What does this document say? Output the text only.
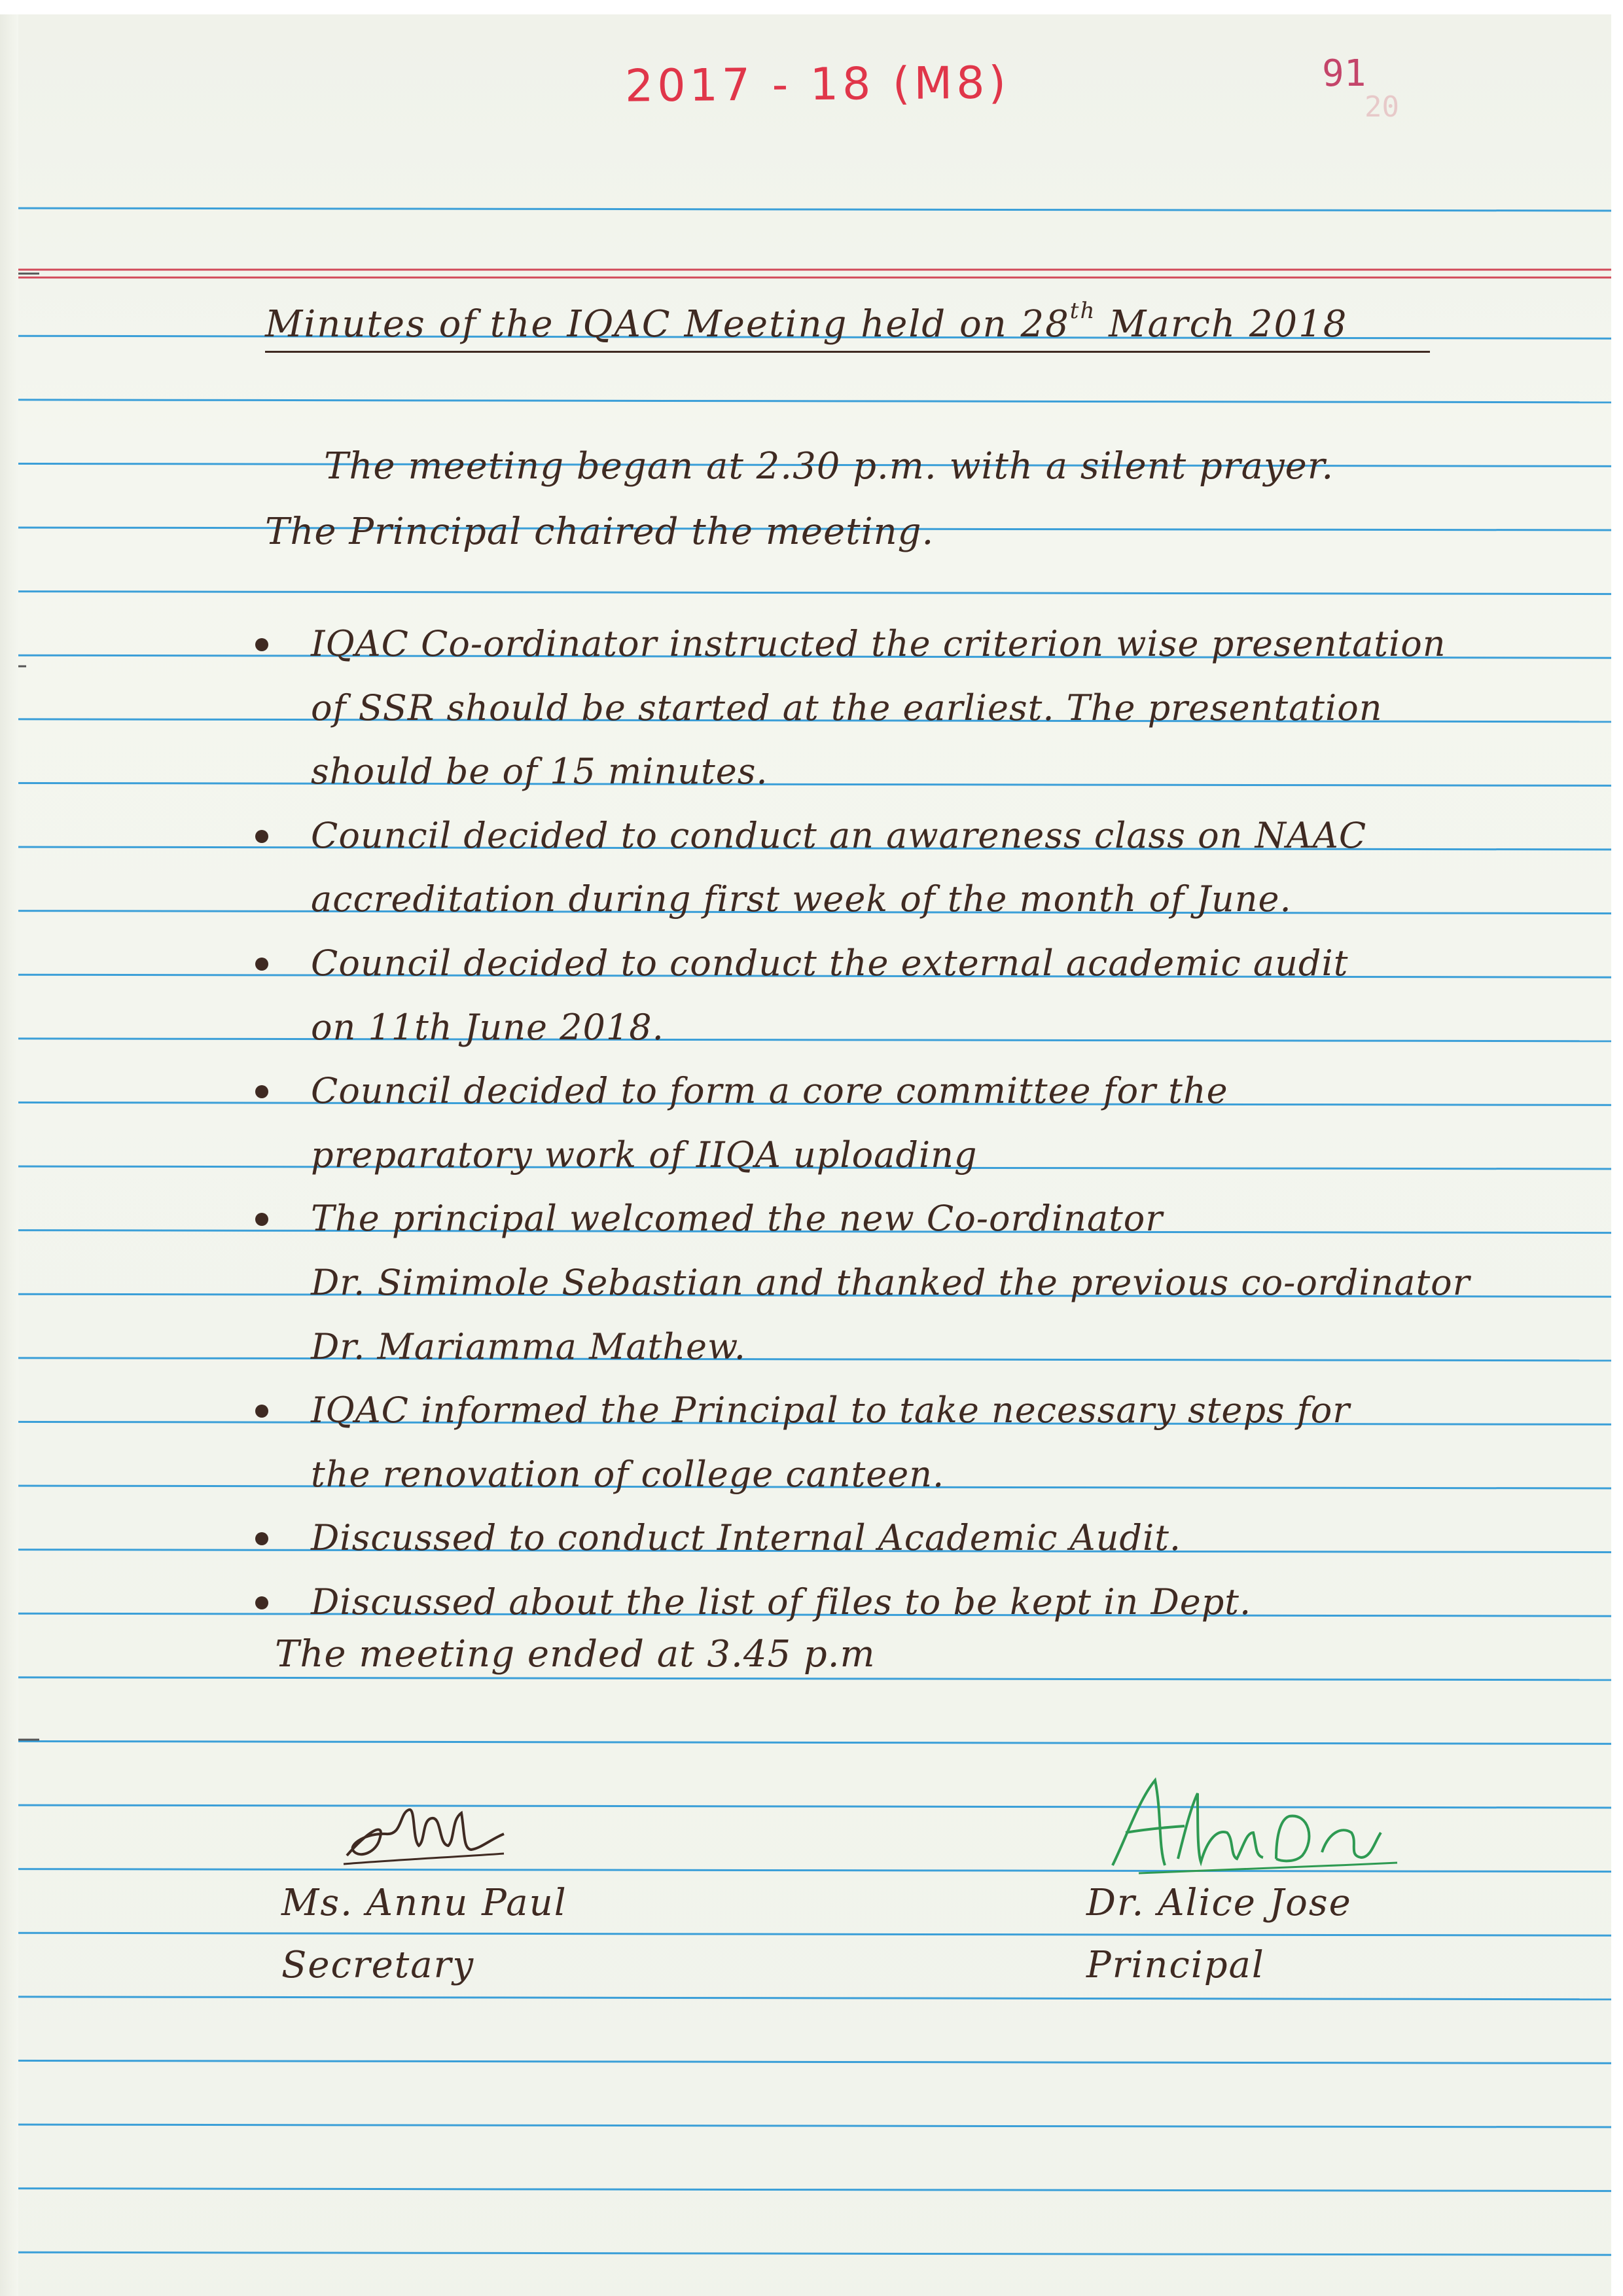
2017 - 18 (M8)	91
20
Minutes of the IQAC Meeting held on 28th March 2018
The meeting began at 2.30 p.m. with a silent prayer.
The Principal chaired the meeting.
IQAC Co-ordinator instructed the criterion wise presentation
of SSR should be started at the earliest. The presentation
should be of 15 minutes.
Council decided to conduct an awareness class on NAAC
accreditation during first week of the month of June.
Council decided to conduct the external academic audit
on 11th June 2018.
Council decided to form a core committee for the
preparatory work of IIQA uploading
The principal welcomed the new Co-ordinator
Dr. Simimole Sebastian and thanked the previous co-ordinator
Dr. Mariamma Mathew.
IQAC informed the Principal to take necessary steps for
the renovation of college canteen.
Discussed to conduct Internal Academic Audit.
Discussed about the list of files to be kept in Dept.
The meeting ended at 3.45 p.m
Ms. Annu Paul
Secretary
Dr. Alice Jose
Principal
